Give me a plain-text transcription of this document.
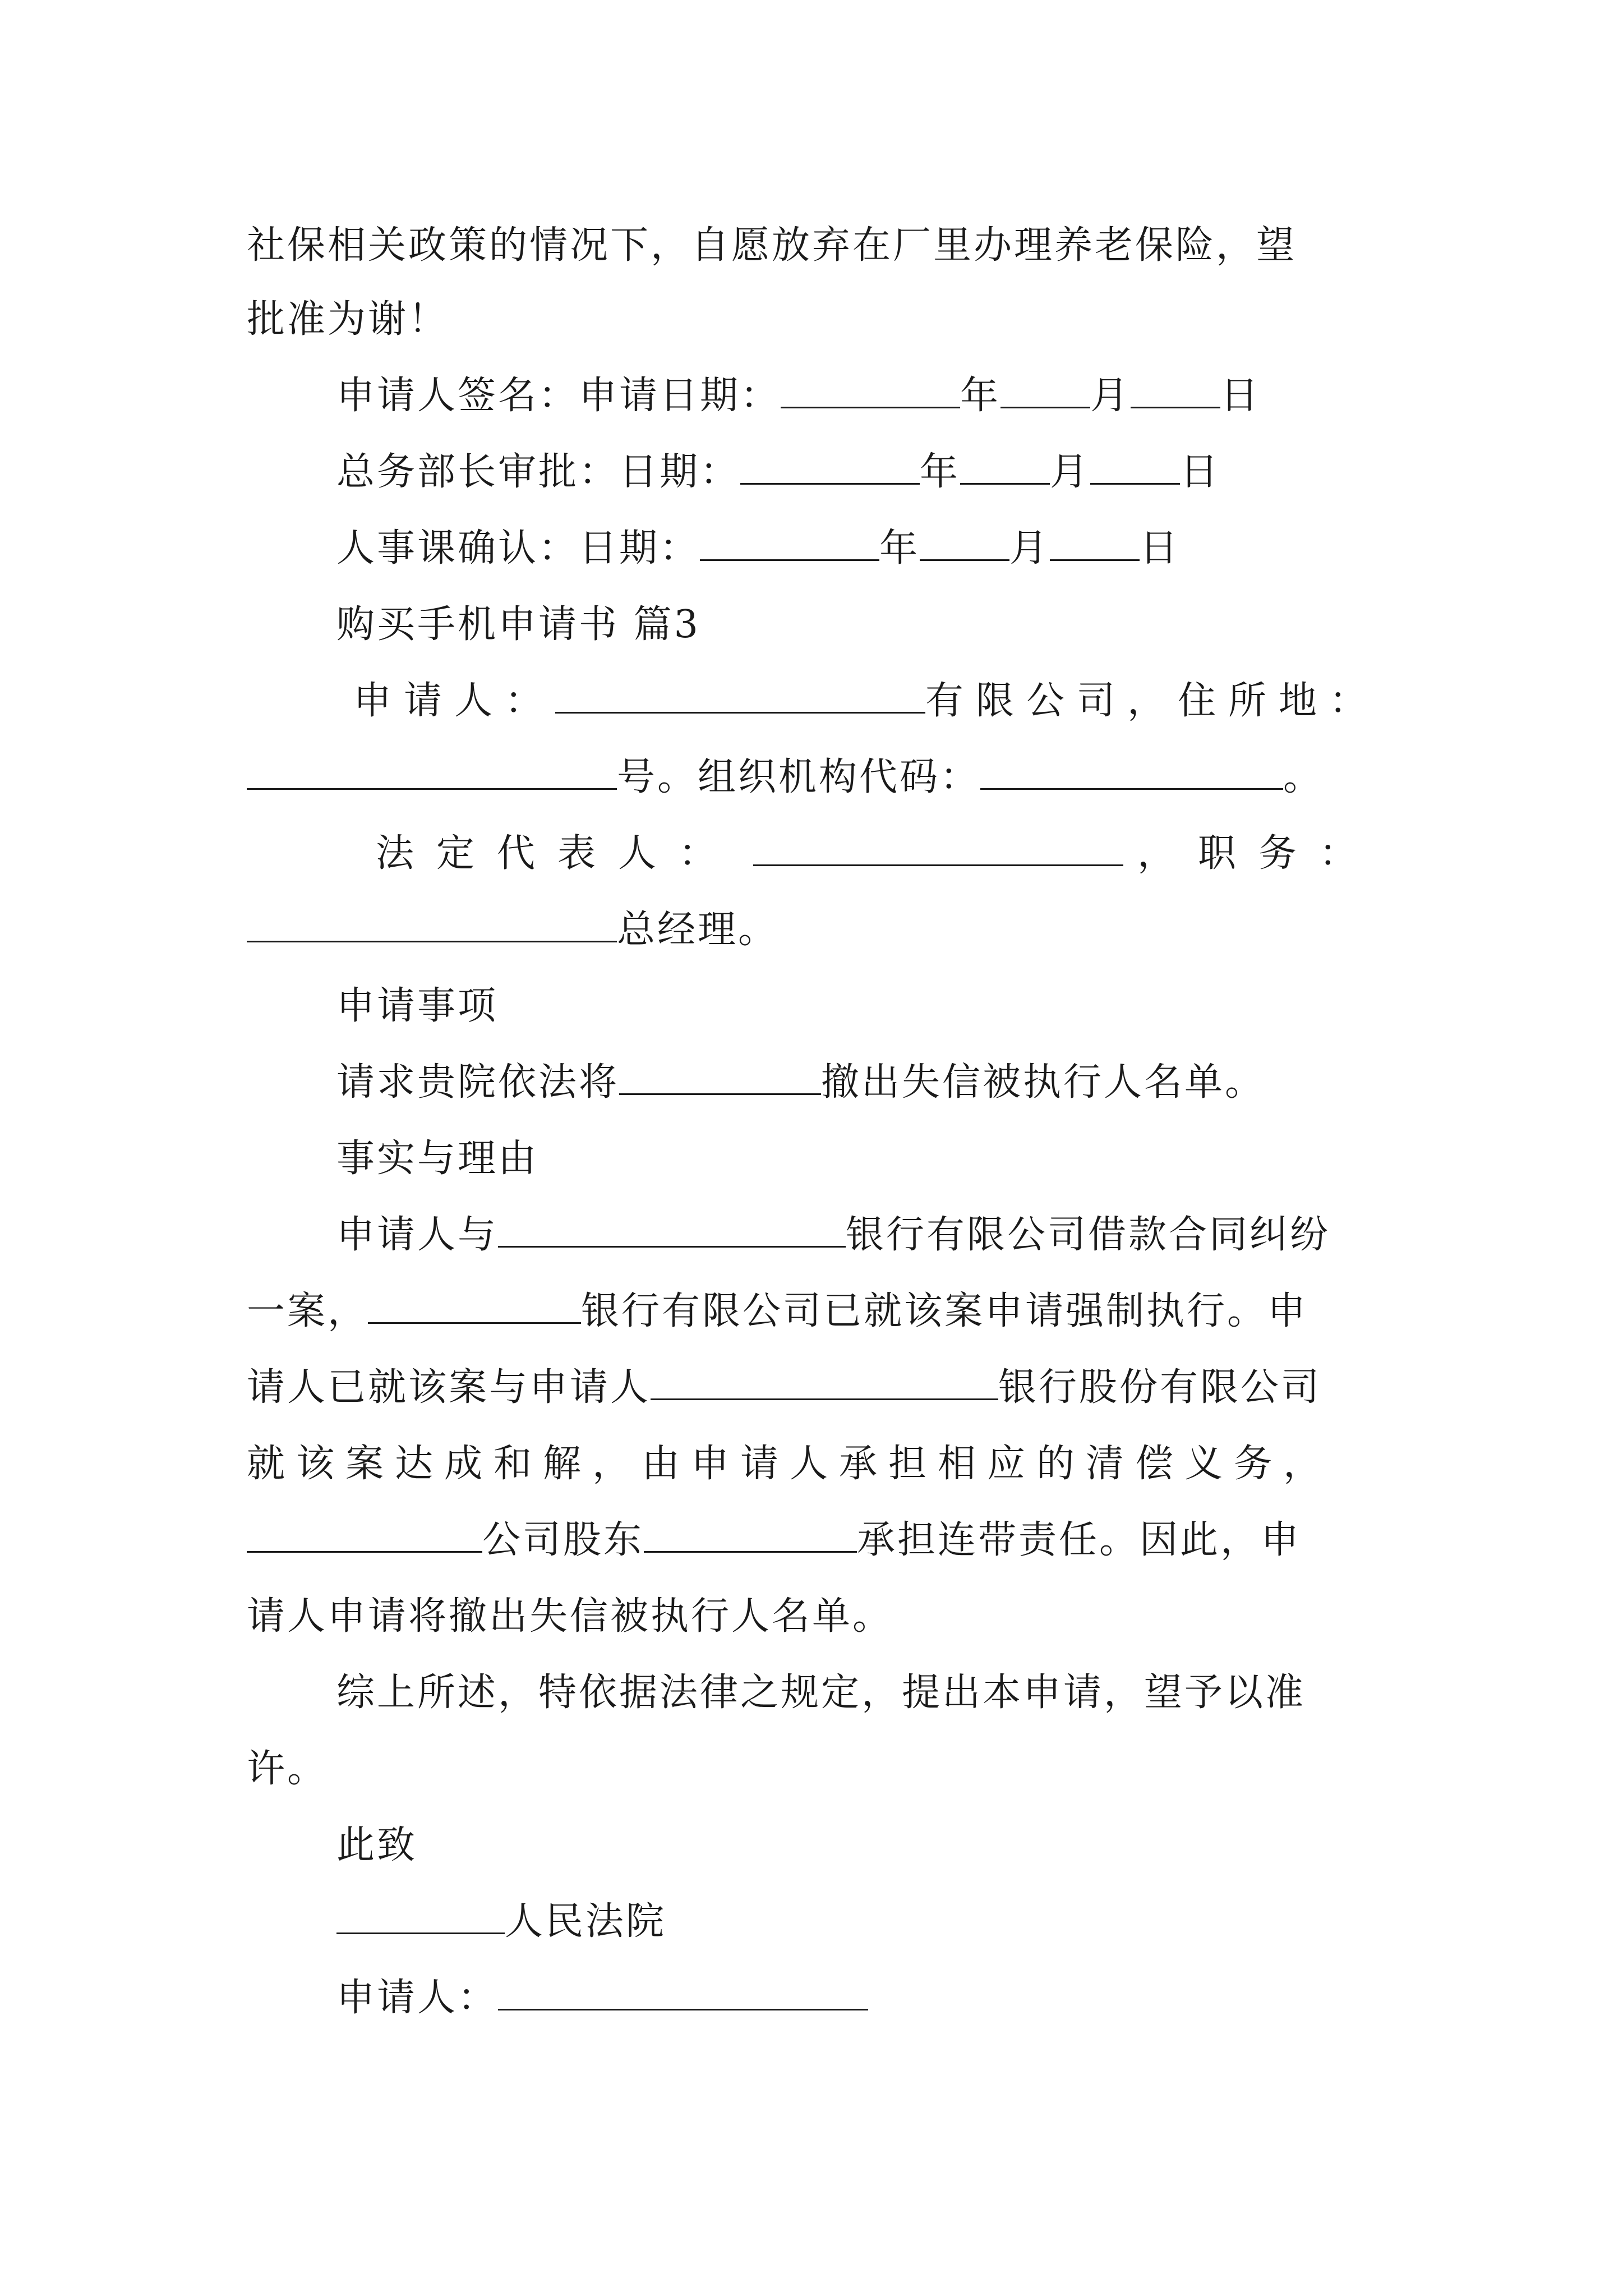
社保相关政策的情况下，自愿放弃在厂里办理养老保险，望
批准为谢！
申请人签名：申请日期：	年 月 日
总务部长审批：日期：	年 月 日
人事课确认：日期：	年 月 日
购买手机申请书 篇3
申请人：	有限公司，住所地：
号。组织机构代码：	。
法定代表人：	，职务：
总经理。
申请事项
请求贵院依法将	撤出失信被执行人名单。
事实与理由
申请人与	银行有限公司借款合同纠纷
一案，	银行有限公司已就该案申请强制执行。申
请人已就该案与申请人	银行股份有限公司
就该案达成和解，由申请人承担相应的清偿义务，
公司股东	承担连带责任。因此，申
请人申请将撤出失信被执行人名单。
综上所述，特依据法律之规定，提出本申请，望予以准
许。
此致
人民法院
申请人：
